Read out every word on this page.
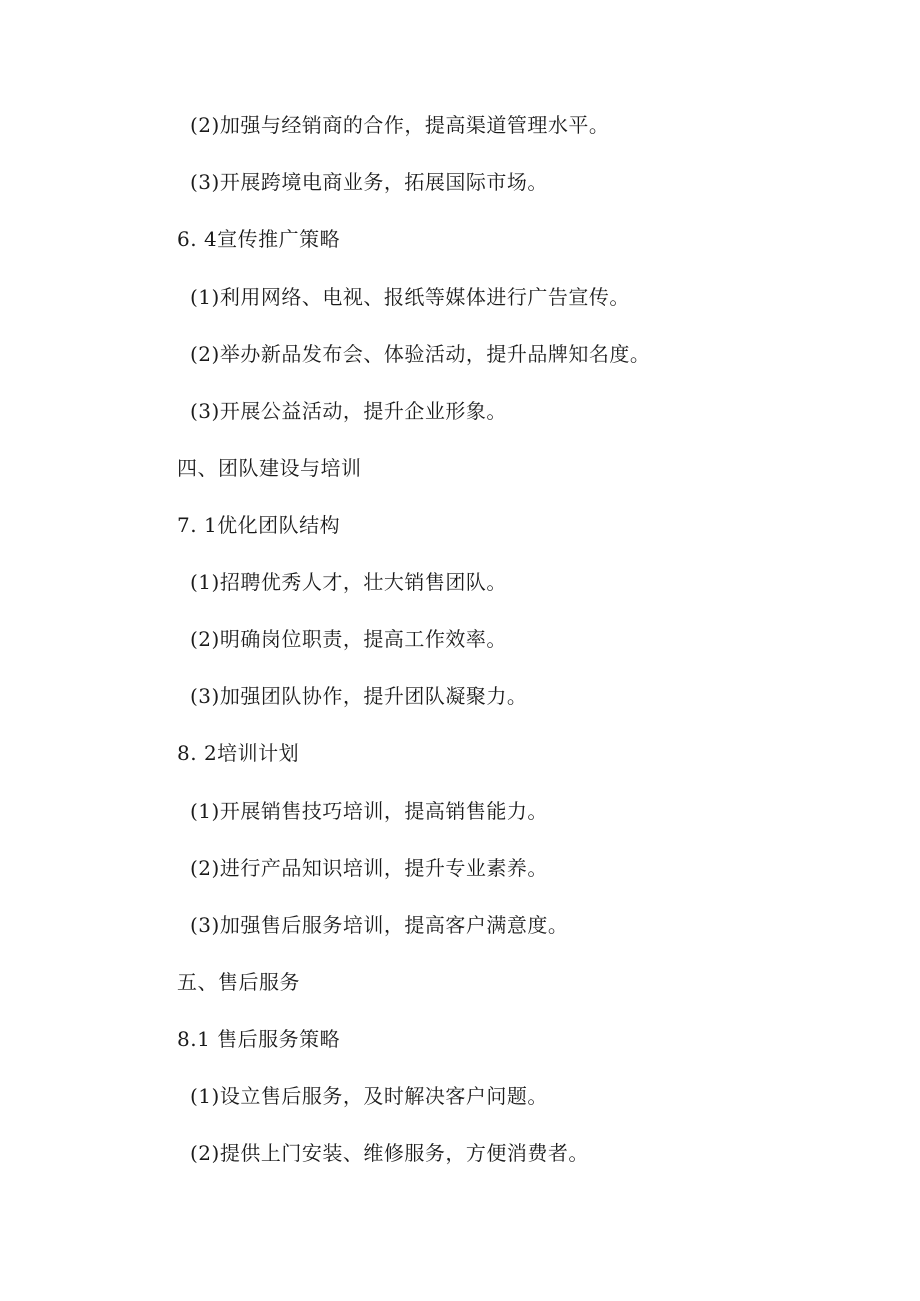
(2)加强与经销商的合作，提高渠道管理水平。
(3)开展跨境电商业务，拓展国际市场。
6. 4宣传推广策略
(1)利用网络、电视、报纸等媒体进行广告宣传。
(2)举办新品发布会、体验活动，提升品牌知名度。
(3)开展公益活动，提升企业形象。
四、团队建设与培训
7. 1优化团队结构
(1)招聘优秀人才，壮大销售团队。
(2)明确岗位职责，提高工作效率。
(3)加强团队协作，提升团队凝聚力。
8. 2培训计划
(1)开展销售技巧培训，提高销售能力。
(2)进行产品知识培训，提升专业素养。
(3)加强售后服务培训，提高客户满意度。
五、售后服务
8.1 售后服务策略
(1)设立售后服务，及时解决客户问题。
(2)提供上门安装、维修服务，方便消费者。
